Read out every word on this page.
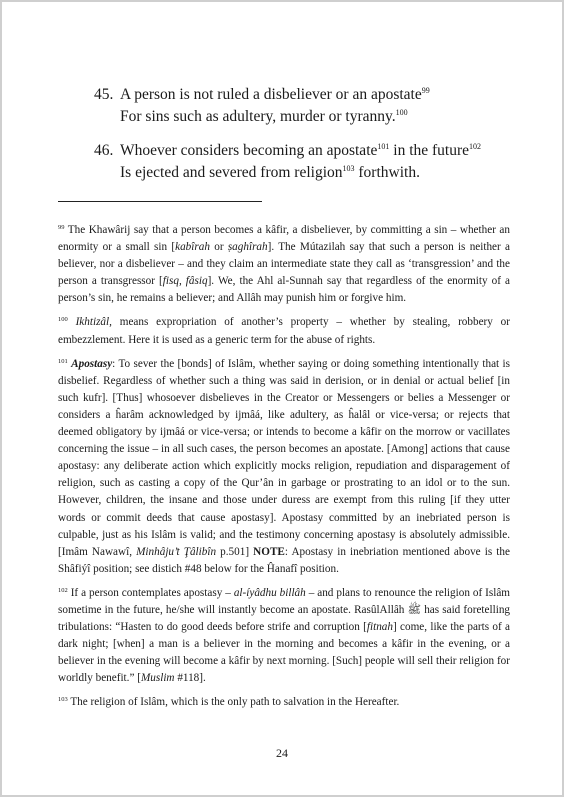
45. A person is not ruled a disbeliever or an apostate$^{99}$
For sins such as adultery, murder or tyranny.$^{100}$
46. Whoever considers becoming an apostate$^{101}$ in the future$^{102}$
Is ejected and severed from religion$^{103}$ forthwith.

$^{99}$ The Khawârij say that a person becomes a kâfir, a disbeliever, by committing a sin – whether an enormity or a small sin [kabîrah or ṣaghîrah]. The Mútazilah say that such a person is neither a believer, nor a disbeliever – and they claim an intermediate state they call as ‘transgression’ and the person a transgressor [fisq, fâsiq]. We, the Ahl al-Sunnah say that regardless of the enormity of a person’s sin, he remains a believer; and Allâh may punish him or forgive him.

$^{100}$ Ikhtizâl, means expropriation of another’s property – whether by stealing, robbery or embezzlement. Here it is used as a generic term for the abuse of rights.

$^{101}$ Apostasy: To sever the [bonds] of Islâm, whether saying or doing something intentionally that is disbelief. Regardless of whether such a thing was said in derision, or in denial or actual belief [in such kufr]. [Thus] whosoever disbelieves in the Creator or Messengers or belies a Messenger or considers a ĥarâm acknowledged by ijmâá, like adultery, as ĥalâl or vice-versa; or rejects that deemed obligatory by ijmâá or vice-versa; or intends to become a kâfir on the morrow or vacillates concerning the issue – in all such cases, the person becomes an apostate. [Among] actions that cause apostasy: any deliberate action which explicitly mocks religion, repudiation and disparagement of religion, such as casting a copy of the Qur’ân in garbage or prostrating to an idol or to the sun. However, children, the insane and those under duress are exempt from this ruling [if they utter words or commit deeds that cause apostasy]. Apostasy committed by an inebriated person is culpable, just as his Islâm is valid; and the testimony concerning apostasy is absolutely admissible. [Imâm Nawawî, Minhâju’t Ţâlibîn p.501] NOTE: Apostasy in inebriation mentioned above is the Shâfiýî position; see distich #48 below for the Ĥanafî position.

$^{102}$ If a person contemplates apostasy – al-íyâdhu billâh – and plans to renounce the religion of Islâm sometime in the future, he/she will instantly become an apostate. RasûlAllâh ﷺ has said foretelling tribulations: “Hasten to do good deeds before strife and corruption [fitnah] come, like the parts of a dark night; [when] a man is a believer in the morning and becomes a kâfir in the evening, or a believer in the evening will become a kâfir by next morning. [Such] people will sell their religion for worldly benefit.” [Muslim #118].

$^{103}$ The religion of Islâm, which is the only path to salvation in the Hereafter.

24
